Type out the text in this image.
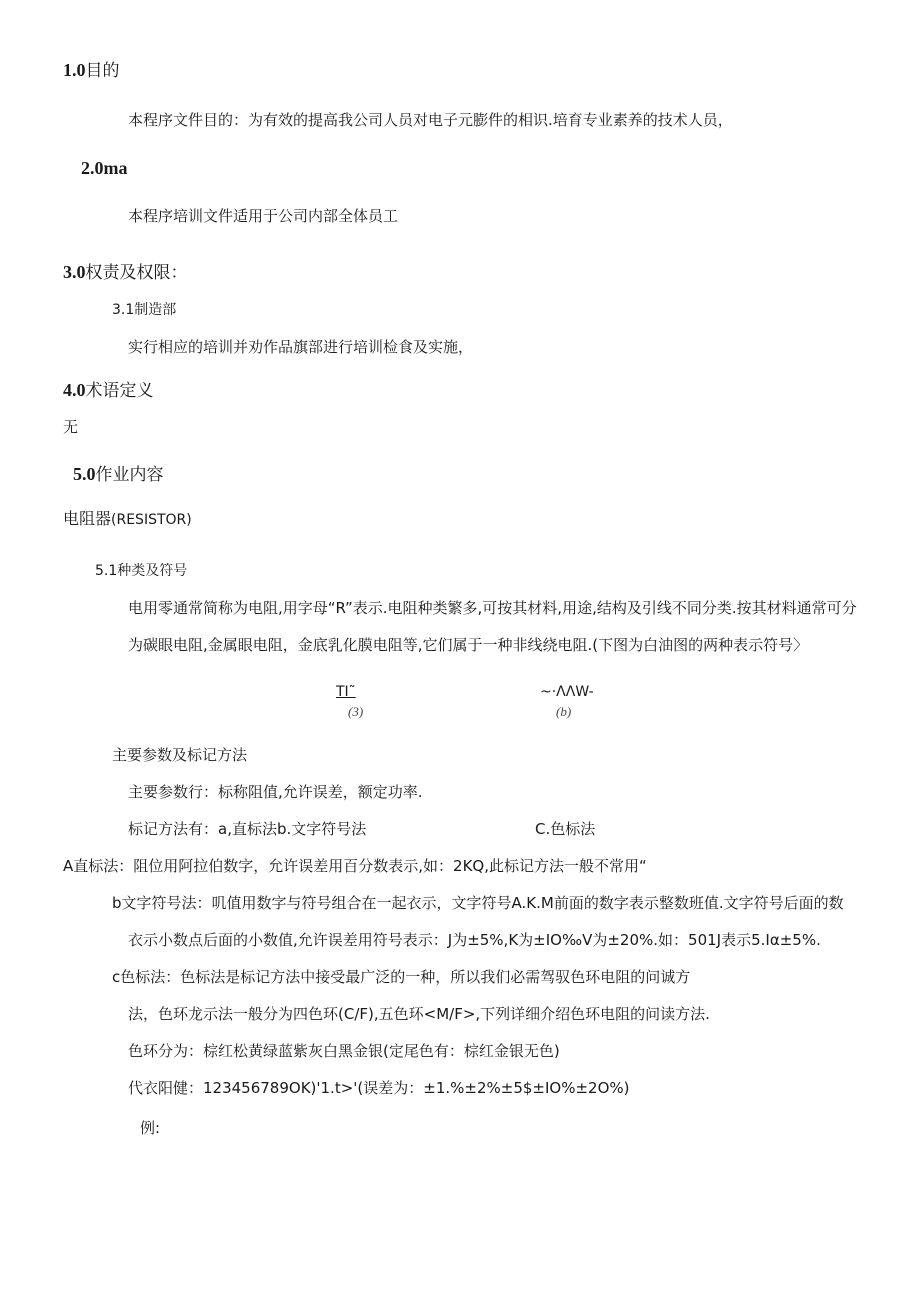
1.0目的
本程序文件目的：为有效的提高我公司人员对电子元膨件的相识.培育专业素养的技术人员，
2.0ma
本程序培训文件适用于公司内部全体员工
3.0权责及权限：
3.1制造部
实行相应的培训并劝作品旗部进行培训检食及实施，
4.0术语定义
无
5.0作业内容
电阻器(RESISTOR)
5.1种类及符号
电用零通常简称为电阻,用字母“R”表示.电阻种类繁多,可按其材料,用途,结构及引线不同分类.按其材料通常可分
为碳眼电阻,金属眼电阻，金底乳化膜电阻等,它们属于一种非线绕电阻.(下图为白油图的两种表示符号〉
TI˜
(3)
~·ΛΛW-
(b)
主要参数及标记方法
主要参数行：标称阻值,允许误差，额定功率.
标记方法有：a,直标法b.文字符号法	C.色标法
A直标法：阻位用阿拉伯数字，允许误差用百分数表示,如：2KQ,此标记方法一般不常用“
b文字符号法：叽值用数字与符号组合在一起衣示，文字符号A.K.M前面的数字表示整数班值.文字符号后面的数
衣示小数点后面的小数值,允许误差用符号表示：J为±5%,K为±IO‰V为±20%.如：501J表示5.Iα±5%.
c色标法：色标法是标记方法中接受最广泛的一种，所以我们必需驾驭色环电阻的问诚方
法，色环龙示法一般分为四色环(C/F),五色环<M/F>,下列详细介绍色环电阻的问读方法.
色环分为：棕红松黄绿蓝紫灰白黑金银(定尾色有：棕红金银无色)
代衣阳健：123456789OK)'1.t>'(误差为：±1.%±2%±5$±IO%±2O%)
例:
